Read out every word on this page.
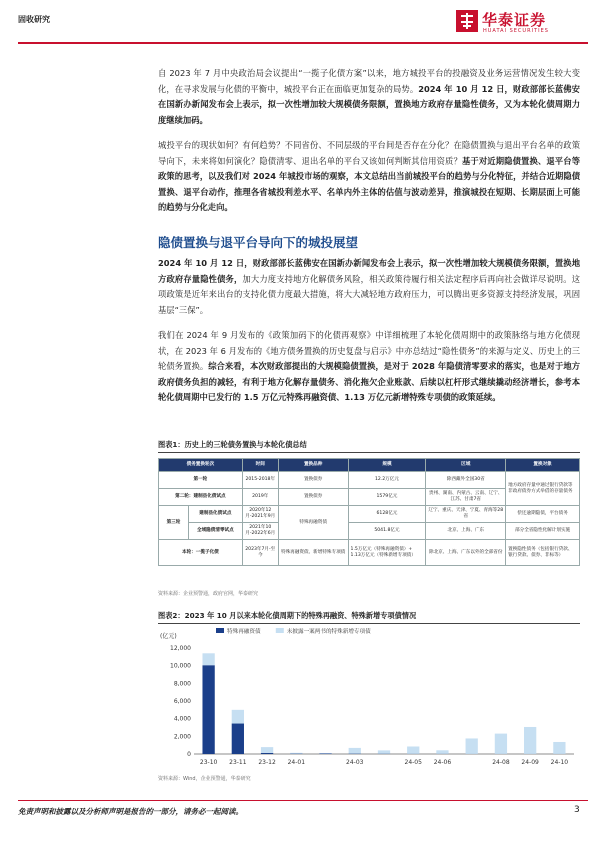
固收研究	华泰证券
HUATAI SECURITIES
自 2023 年 7 月中央政治局会议提出“一揽子化债方案”以来，地方城投平台的投融资及业务运营情况发生较大变化，在寻求发展与化债的平衡中，城投平台正在面临更加复杂的局势。2024 年 10 月 12 日，财政部部长蓝佛安在国新办新闻发布会上表示，拟一次性增加较大规模债务限额，置换地方政府存量隐性债务，又为本轮化债周期力度继续加码。
城投平台的现状如何？有何趋势？不同省份、不同层级的平台间是否存在分化？在隐债置换与退出平台名单的政策导向下，未来将如何演化？隐债清零、退出名单的平台又该如何判断其信用资质？基于对近期隐债置换、退平台等政策的思考，以及我们对 2024 年城投市场的观察，本文总结出当前城投平台的趋势与分化特征，并结合近期隐债置换、退平台动作，推理各省城投利差水平、名单内外主体的估值与波动差异，推演城投在短期、长期层面上可能的趋势与分化走向。
隐债置换与退平台导向下的城投展望
2024 年 10 月 12 日，财政部部长蓝佛安在国新办新闻发布会上表示，拟一次性增加较大规模债务限额，置换地方政府存量隐性债务，加大力度支持地方化解债务风险，相关政策待履行相关法定程序后再向社会做详尽说明。这项政策是近年来出台的支持化债力度最大措施，将大大减轻地方政府压力，可以腾出更多资源支持经济发展，巩固基层“三保”。
我们在 2024 年 9 月发布的《政策加码下的化债再观察》中详细梳理了本轮化债周期中的政策脉络与地方化债现状，在 2023 年 6 月发布的《地方债务置换的历史复盘与启示》中亦总结过“隐性债务”的来源与定义、历史上的三轮债务置换。综合来看，本次财政部提出的大规模隐债置换，是对于 2028 年隐债清零要求的落实，也是对于地方政府债务负担的减轻，有利于地方化解存量债务、消化拖欠企业账款、后续以杠杆形式继续撬动经济增长，参考本轮化债周期中已发行的 1.5 万亿元特殊再融资债、1.13 万亿元新增特殊专项债的政策延续。
图表1：历史上的三轮债务置换与本轮化债总结
债务置换轮次		时间	置换品种	规模	区域	置换对象
第一轮		2015-2018年	置换债券	12.2万亿元	除西藏外全国30省	地方政府存量中通过银行贷款等非政府债券方式举借的存量债务
第二轮：建制县化债试点		2019年	置换债券	1579亿元	贵州、湖南、内蒙古、云南、辽宁、江苏、甘肃7省	
第三轮	建制县化债试点	2020年12月-2021年9月	特殊再融资债	6128亿元	辽宁、重庆、天津、宁夏、青海等28省	偿还逾期隐债，平台债务
	全域隐债清零试点	2021年10月-2022年6月		5041.8亿元	北京、上海、广东	部分全省隐性化解计划实施
本轮：一揽子化债		2023年7月-至今	特殊再融资债、新增特殊专项债	1.5万亿元（特殊再融资债）+ 1.13万亿元（特殊新增专项债）	除北京、上海、广东以外的全部省份	置换隐性债务（包括银行贷款、银行贷款、债券、非标等）
资料来源：企业预警通，政府官网，华泰研究
图表2：2023 年 10 月以来本轮化债周期下的特殊再融资、特殊新增专项债情况
(亿元)
0
2,000
4,000
6,000
8,000
10,000
12,000
特殊再融资债	未披露一案两书的特殊新增专项债
23-10 23-11 23-12 24-01	24-03	24-05 24-06	24-08 24-09 24-10
资料来源：Wind，企业预警通，华泰研究
免责声明和披露以及分析师声明是报告的一部分，请务必一起阅读。	3
